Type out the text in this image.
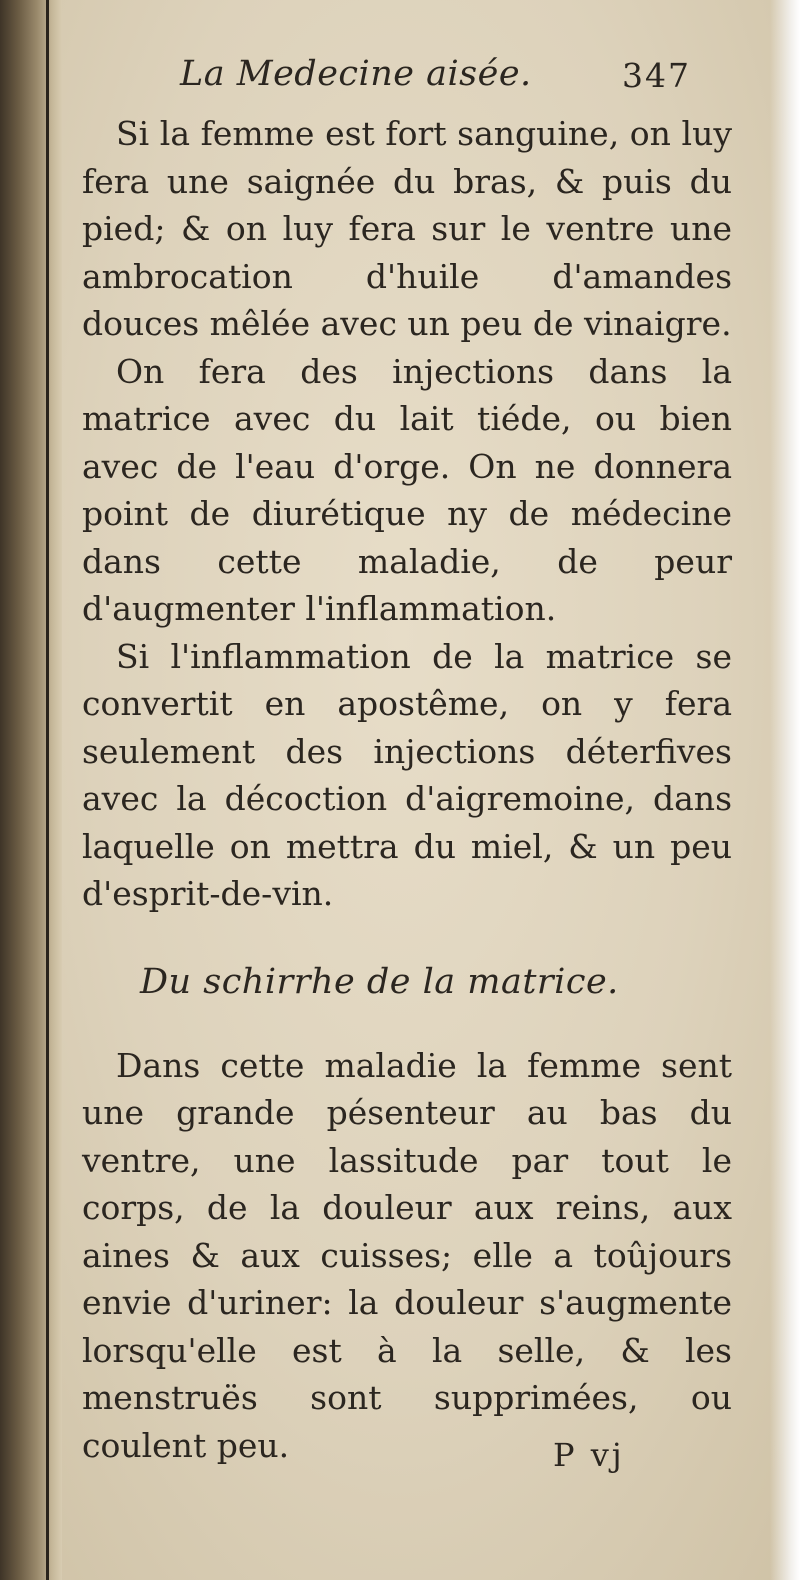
La Medecine aisée.	347

Si la femme est fort sanguine, on luy fera une saignée du bras, & puis du pied; & on luy fera sur le ventre une ambrocation d'huile d'amandes douces mêlée avec un peu de vinaigre.

On fera des injections dans la matrice avec du lait tiéde, ou bien avec de l'eau d'orge. On ne donnera point de diurétique ny de médecine dans cette maladie, de peur d'augmenter l'inflammation.

Si l'inflammation de la matrice se convertit en apostême, on y fera seulement des injections déterfives avec la décoction d'aigremoine, dans laquelle on mettra du miel, & un peu d'esprit-de-vin.

Du schirrhe de la matrice.

Dans cette maladie la femme sent une grande pésenteur au bas du ventre, une lassitude par tout le corps, de la douleur aux reins, aux aines & aux cuisses; elle a toûjours envie d'uriner: la douleur s'augmente lorsqu'elle est à la selle, & les menstruës sont supprimées, ou coulent peu.	P vj
